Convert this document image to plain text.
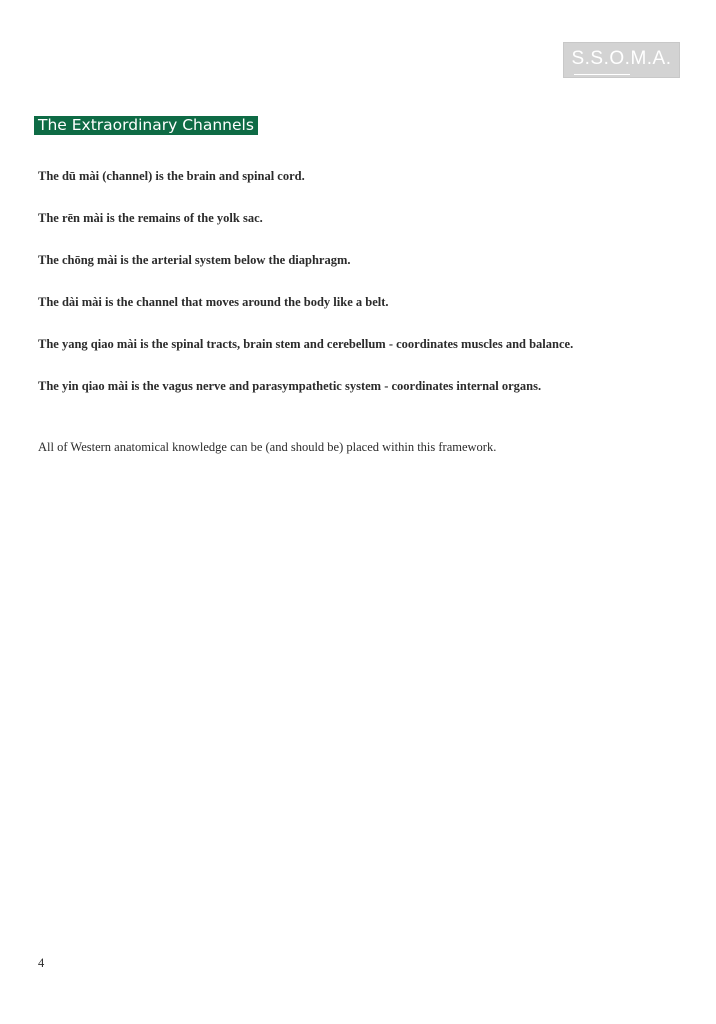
S.S.O.M.A.
The Extraordinary Channels
The dū mài (channel) is the brain and spinal cord.
The rēn mài is the remains of the yolk sac.
The chōng mài is the arterial system below the diaphragm.
The dài mài is the channel that moves around the body like a belt.
The yang qiao mài is the spinal tracts, brain stem and cerebellum - coordinates muscles and balance.
The yin qiao mài is the vagus nerve and parasympathetic system - coordinates internal organs.
All of Western anatomical knowledge can be (and should be) placed within this framework.
4
